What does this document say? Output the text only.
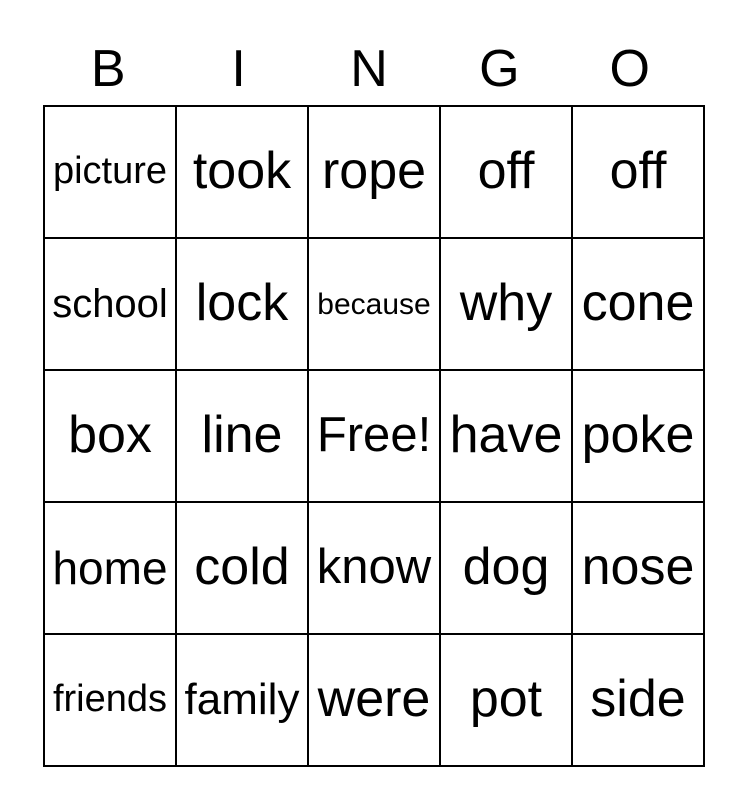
B	I	N	G	O
picture	took	rope	off	off
school	lock	because	why	cone
box	line	Free!	have	poke
home	cold	know	dog	nose
friends	family	were	pot	side
